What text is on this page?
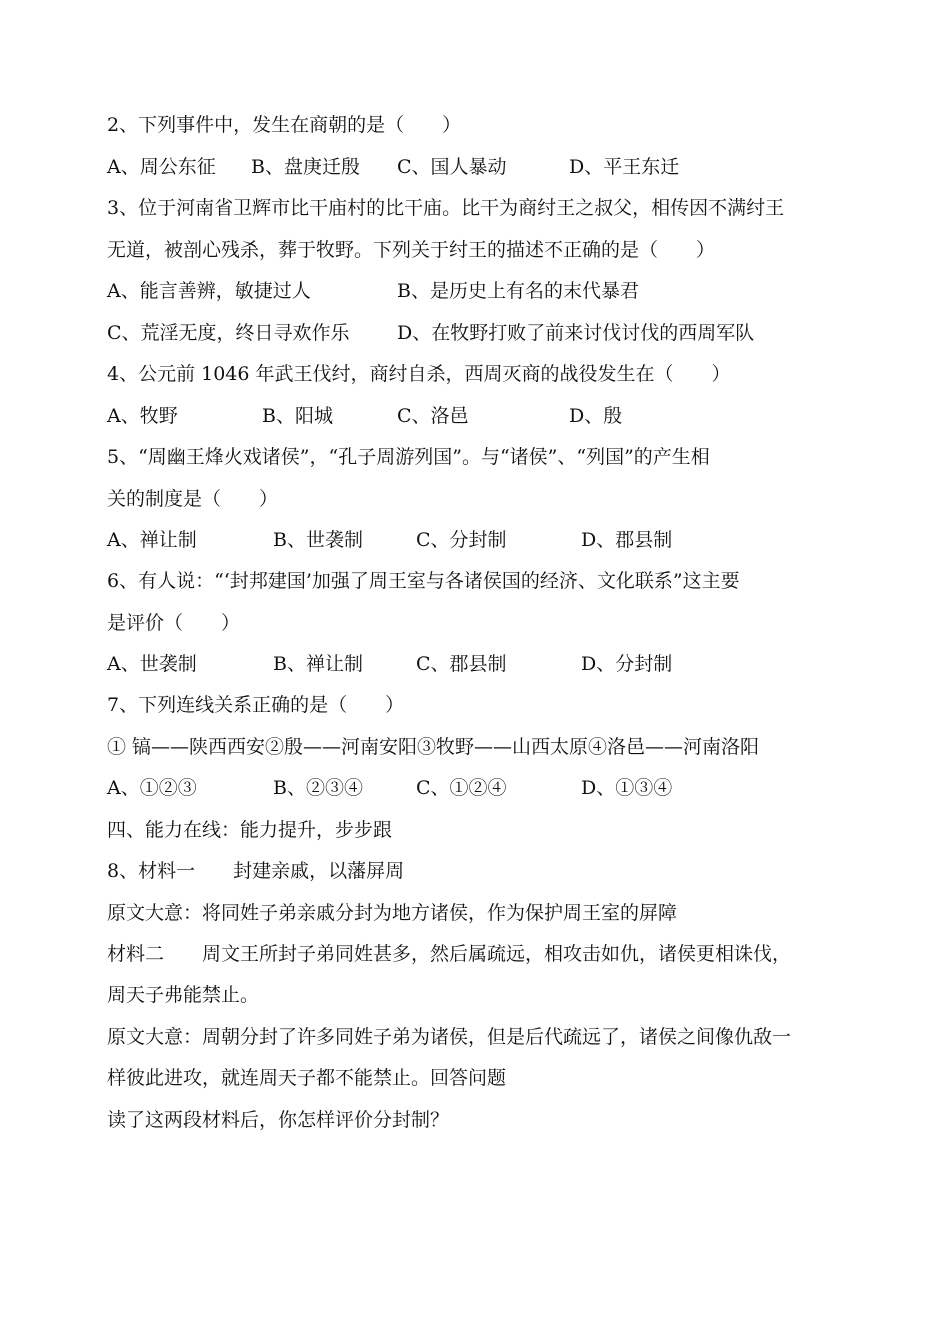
2、下列事件中，发生在商朝的是（　　）
A、周公东征 B、盘庚迁殷 C、国人暴动	D、平王东迁
3、位于河南省卫辉市比干庙村的比干庙。比干为商纣王之叔父，相传因不满纣王
无道，被剖心残杀，葬于牧野。下列关于纣王的描述不正确的是（　　）
A、能言善辨，敏捷过人	B、是历史上有名的末代暴君
C、荒淫无度，终日寻欢作乐 D、在牧野打败了前来讨伐讨伐的西周军队
4、公元前 1046 年武王伐纣，商纣自杀，西周灭商的战役发生在（　　）
A、牧野	B、阳城	C、洛邑	D、殷
5、“周幽王烽火戏诸侯”，“孔子周游列国”。与“诸侯”、“列国”的产生相
关的制度是（　　）
A、禅让制	B、世袭制	C、分封制	D、郡县制
6、有人说：“‘封邦建国’加强了周王室与各诸侯国的经济、文化联系”这主要
是评价（　　）
A、世袭制	B、禅让制	C、郡县制	D、分封制
7、下列连线关系正确的是（　　）
① 镐——陕西西安②殷——河南安阳③牧野——山西太原④洛邑——河南洛阳
A、①②③	B、②③④	C、①②④	D、①③④
四、能力在线：能力提升，步步跟
8、材料一　　封建亲戚，以藩屏周
原文大意：将同姓子弟亲戚分封为地方诸侯，作为保护周王室的屏障
材料二　　周文王所封子弟同姓甚多，然后属疏远，相攻击如仇，诸侯更相诛伐，
周天子弗能禁止。
原文大意：周朝分封了许多同姓子弟为诸侯，但是后代疏远了，诸侯之间像仇敌一
样彼此进攻，就连周天子都不能禁止。回答问题
读了这两段材料后，你怎样评价分封制？
